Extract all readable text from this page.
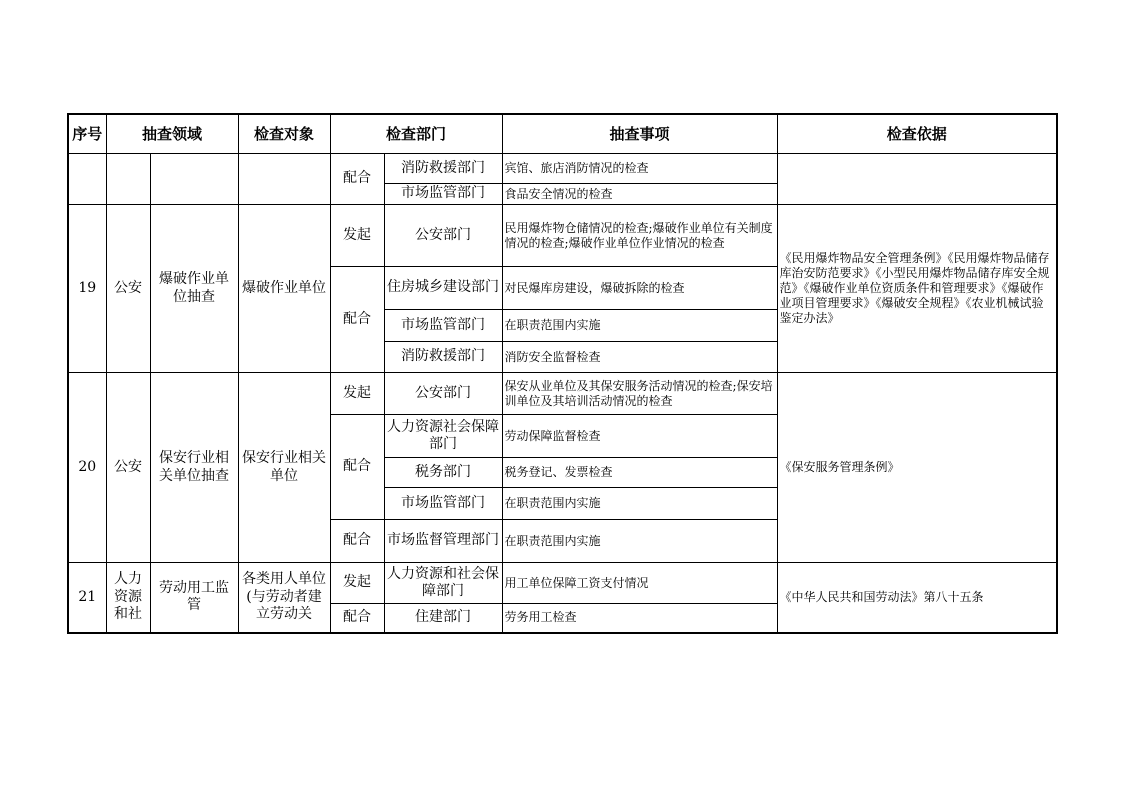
序号	抽查领域		检查对象	检查部门		抽查事项	检查依据
				配合	消防救援部门	宾馆、旅店消防情况的检查	
					市场监管部门	食品安全情况的检查	
19	公安	爆破作业单位抽查	爆破作业单位	发起	公安部门	民用爆炸物仓储情况的检查;爆破作业单位有关制度情况的检查;爆破作业单位作业情况的检查	《民用爆炸物品安全管理条例》《民用爆炸物品储存库治安防范要求》《小型民用爆炸物品储存库安全规范》《爆破作业单位资质条件和管理要求》《爆破作业项目管理要求》《爆破安全规程》《农业机械试验鉴定办法》
				配合	住房城乡建设部门	对民爆库房建设，爆破拆除的检查	
					市场监管部门	在职责范围内实施	
					消防救援部门	消防安全监督检查	
20	公安	保安行业相关单位抽查	保安行业相关单位	发起	公安部门	保安从业单位及其保安服务活动情况的检查;保安培训单位及其培训活动情况的检查	《保安服务管理条例》
				配合	人力资源社会保障部门	劳动保障监督检查	
					税务部门	税务登记、发票检查	
					市场监管部门	在职责范围内实施	
				配合	市场监督管理部门	在职责范围内实施	
21	人力资源和社	劳动用工监管	各类用人单位(与劳动者建立劳动关	发起	人力资源和社会保障部门	用工单位保障工资支付情况	《中华人民共和国劳动法》第八十五条
				配合	住建部门	劳务用工检查	
